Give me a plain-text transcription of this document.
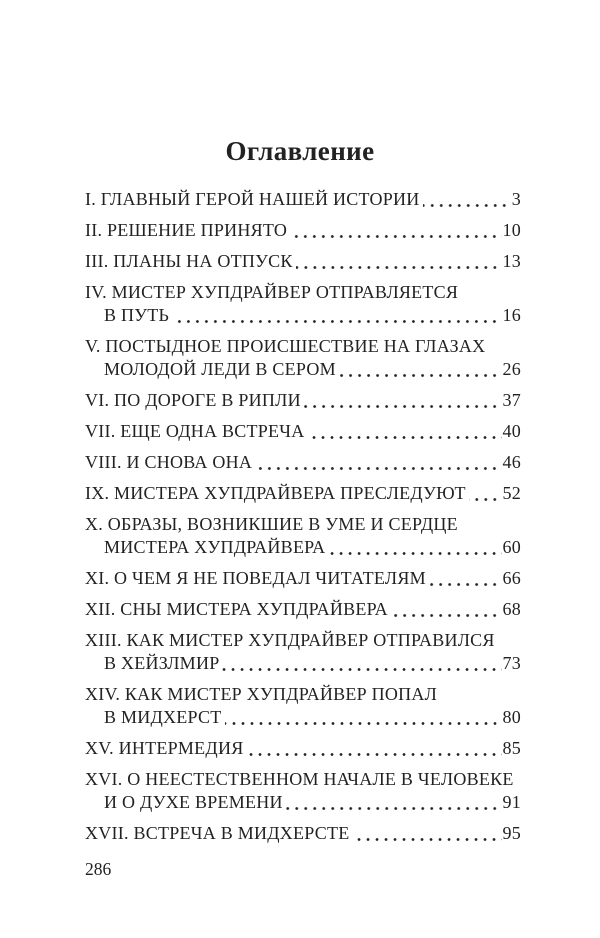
Оглавление
I. ГЛАВНЫЙ ГЕРОЙ НАШЕЙ ИСТОРИИ	3
II. РЕШЕНИЕ ПРИНЯТО	10
III. ПЛАНЫ НА ОТПУСК	13
IV. МИСТЕР ХУПДРАЙВЕР ОТПРАВЛЯЕТСЯ
В ПУТЬ	16
V. ПОСТЫДНОЕ ПРОИСШЕСТВИЕ НА ГЛАЗАХ
МОЛОДОЙ ЛЕДИ В СЕРОМ	26
VI. ПО ДОРОГЕ В РИПЛИ	37
VII. ЕЩЕ ОДНА ВСТРЕЧА	40
VIII. И СНОВА ОНА	46
IX. МИСТЕРА ХУПДРАЙВЕРА ПРЕСЛЕДУЮТ 52
X. ОБРАЗЫ, ВОЗНИКШИЕ В УМЕ И СЕРДЦЕ
МИСТЕРА ХУПДРАЙВЕРА	60
XI. О ЧЕМ Я НЕ ПОВЕДАЛ ЧИТАТЕЛЯМ	66
XII. СНЫ МИСТЕРА ХУПДРАЙВЕРА	68
XIII. КАК МИСТЕР ХУПДРАЙВЕР ОТПРАВИЛСЯ
В ХЕЙЗЛМИР	73
XIV. КАК МИСТЕР ХУПДРАЙВЕР ПОПАЛ
В МИДХЕРСТ	80
XV. ИНТЕРМЕДИЯ	85
XVI. О НЕЕСТЕСТВЕННОМ НАЧАЛЕ В ЧЕЛОВЕКЕ
И О ДУХЕ ВРЕМЕНИ	91
XVII. ВСТРЕЧА В МИДХЕРСТЕ	95
286
